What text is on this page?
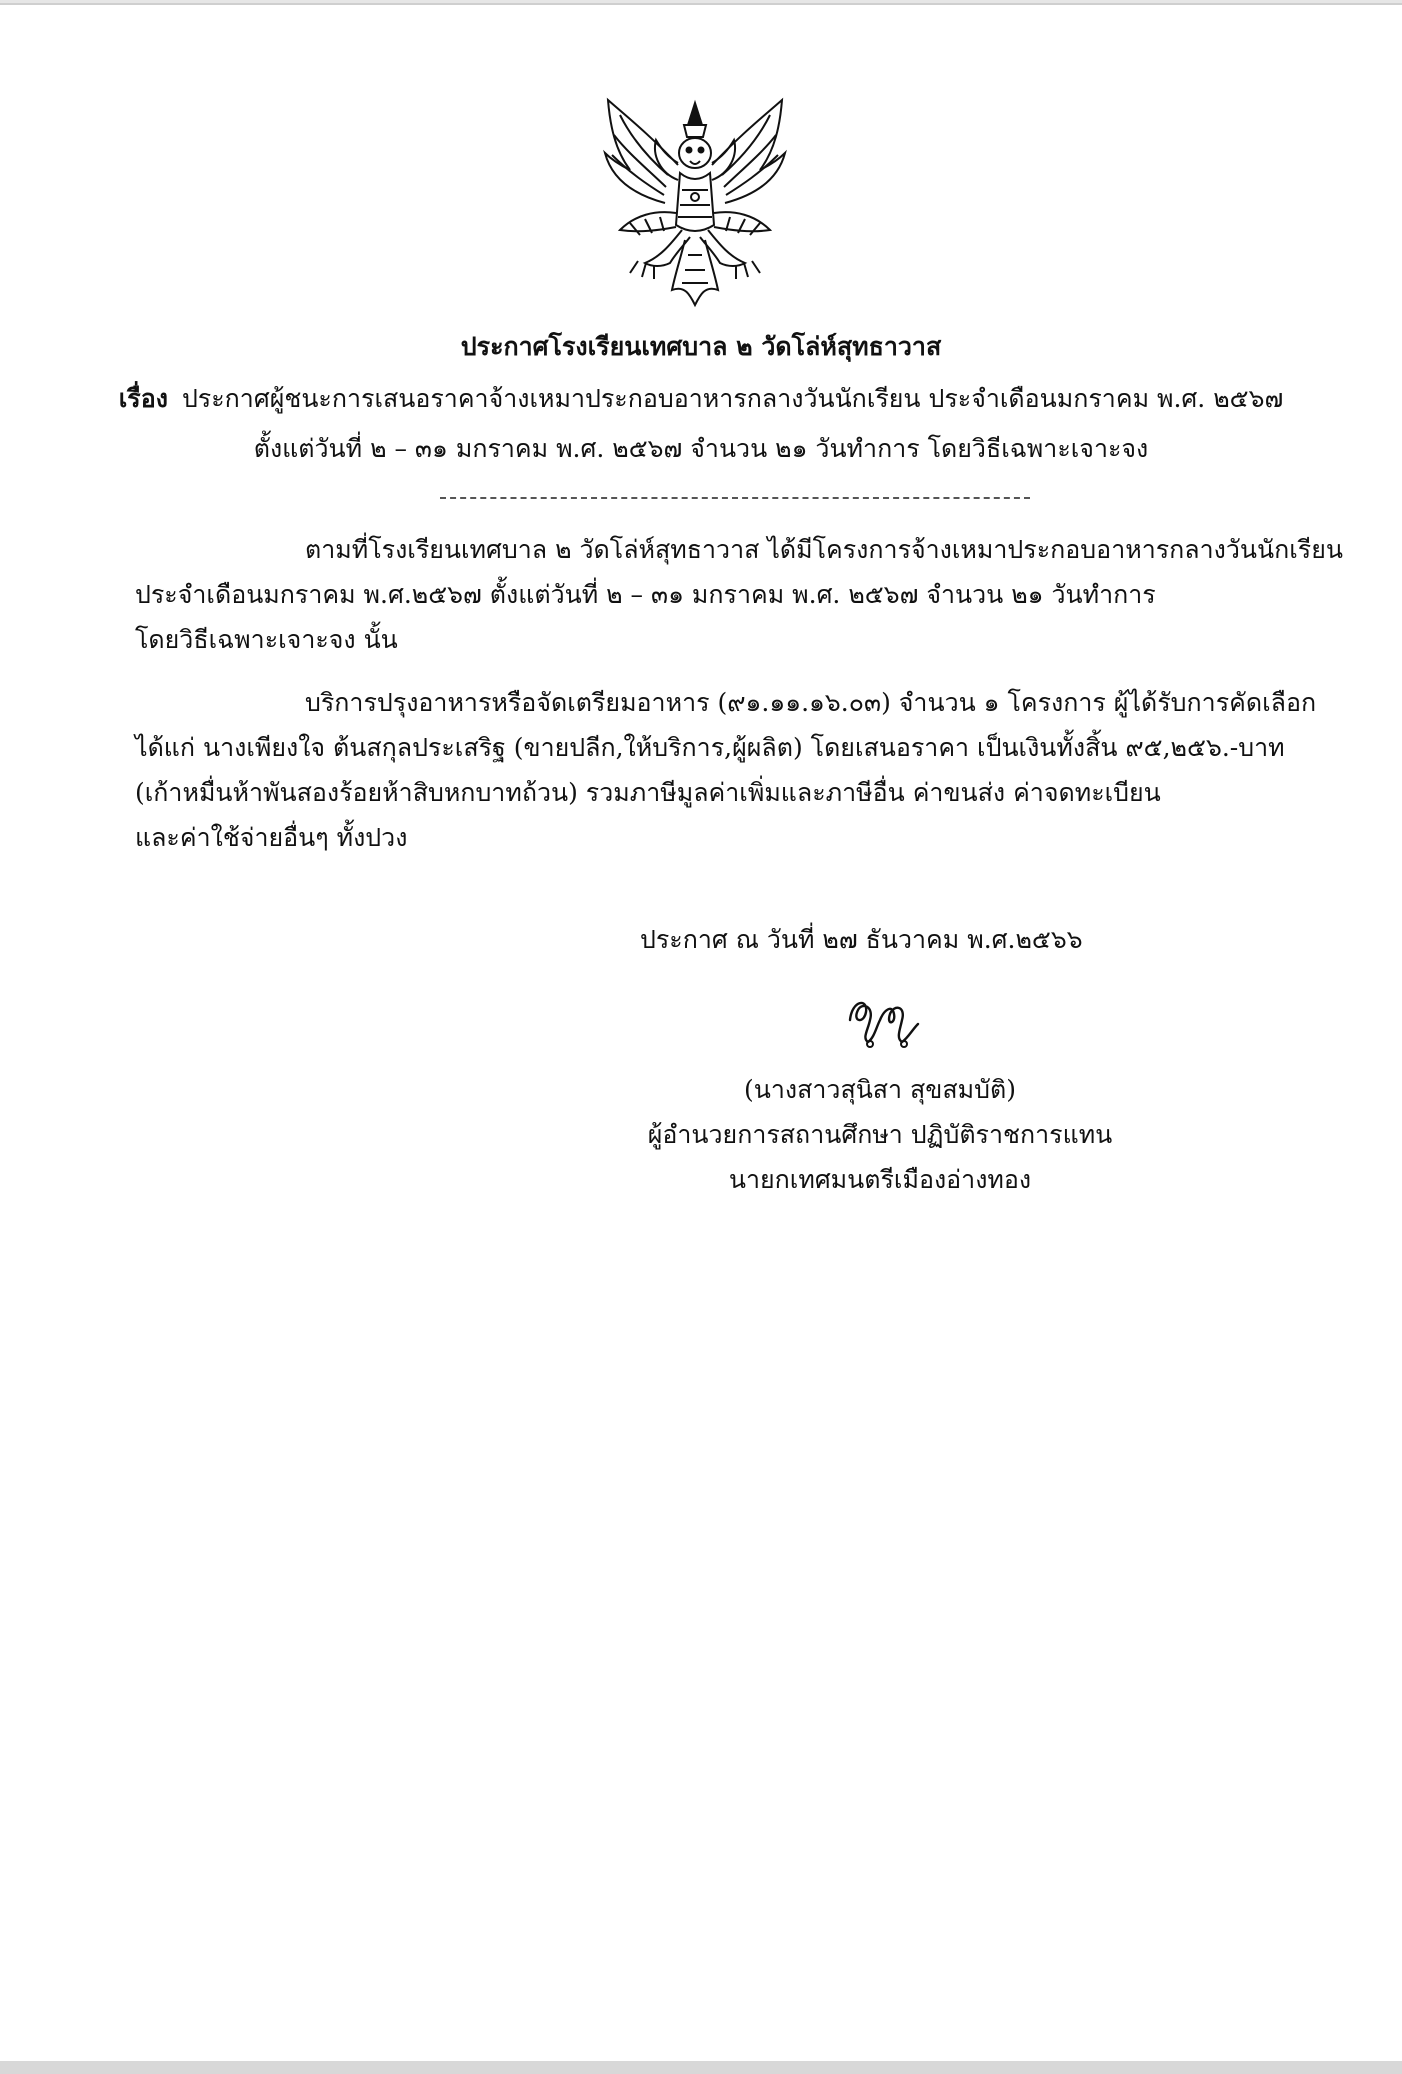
ประกาศโรงเรียนเทศบาล ๒ วัดโล่ห์สุทธาวาส
เรื่อง ประกาศผู้ชนะการเสนอราคาจ้างเหมาประกอบอาหารกลางวันนักเรียน ประจำเดือนมกราคม พ.ศ. ๒๕๖๗
ตั้งแต่วันที่ ๒ – ๓๑ มกราคม พ.ศ. ๒๕๖๗ จำนวน ๒๑ วันทำการ โดยวิธีเฉพาะเจาะจง
ตามที่โรงเรียนเทศบาล ๒ วัดโล่ห์สุทธาวาส ได้มีโครงการจ้างเหมาประกอบอาหารกลางวันนักเรียน
ประจำเดือนมกราคม พ.ศ.๒๕๖๗ ตั้งแต่วันที่ ๒ – ๓๑ มกราคม พ.ศ. ๒๕๖๗ จำนวน ๒๑ วันทำการ
โดยวิธีเฉพาะเจาะจง นั้น
บริการปรุงอาหารหรือจัดเตรียมอาหาร (๙๑.๑๑.๑๖.๐๓) จำนวน ๑ โครงการ ผู้ได้รับการคัดเลือก
ได้แก่ นางเพียงใจ ต้นสกุลประเสริฐ (ขายปลีก,ให้บริการ,ผู้ผลิต) โดยเสนอราคา เป็นเงินทั้งสิ้น ๙๕,๒๕๖.-บาท
(เก้าหมื่นห้าพันสองร้อยห้าสิบหกบาทถ้วน) รวมภาษีมูลค่าเพิ่มและภาษีอื่น ค่าขนส่ง ค่าจดทะเบียน
และค่าใช้จ่ายอื่นๆ ทั้งปวง
ประกาศ ณ วันที่ ๒๗ ธันวาคม พ.ศ.๒๕๖๖
(นางสาวสุนิสา สุขสมบัติ)
ผู้อำนวยการสถานศึกษา ปฏิบัติราชการแทน
นายกเทศมนตรีเมืองอ่างทอง
